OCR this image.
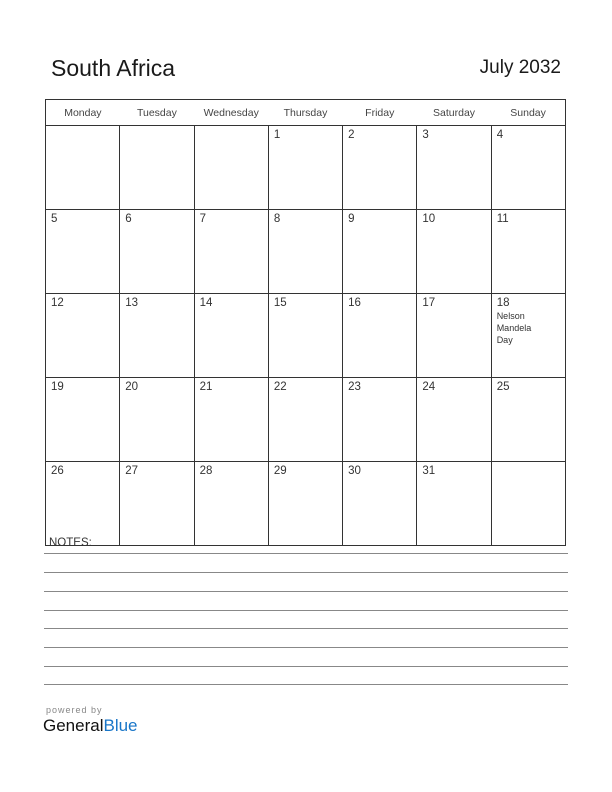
South Africa	July 2032
Monday	Tuesday	Wednesday	Thursday	Friday	Saturday	Sunday
			1	2	3	4
5	6	7	8	9	10	11
12	13	14	15	16	17	18
Nelson Mandela Day

19	20	21	22	23	24	25
26	27	28	29	30	31	
NOTES:
powered by
GeneralBlue
